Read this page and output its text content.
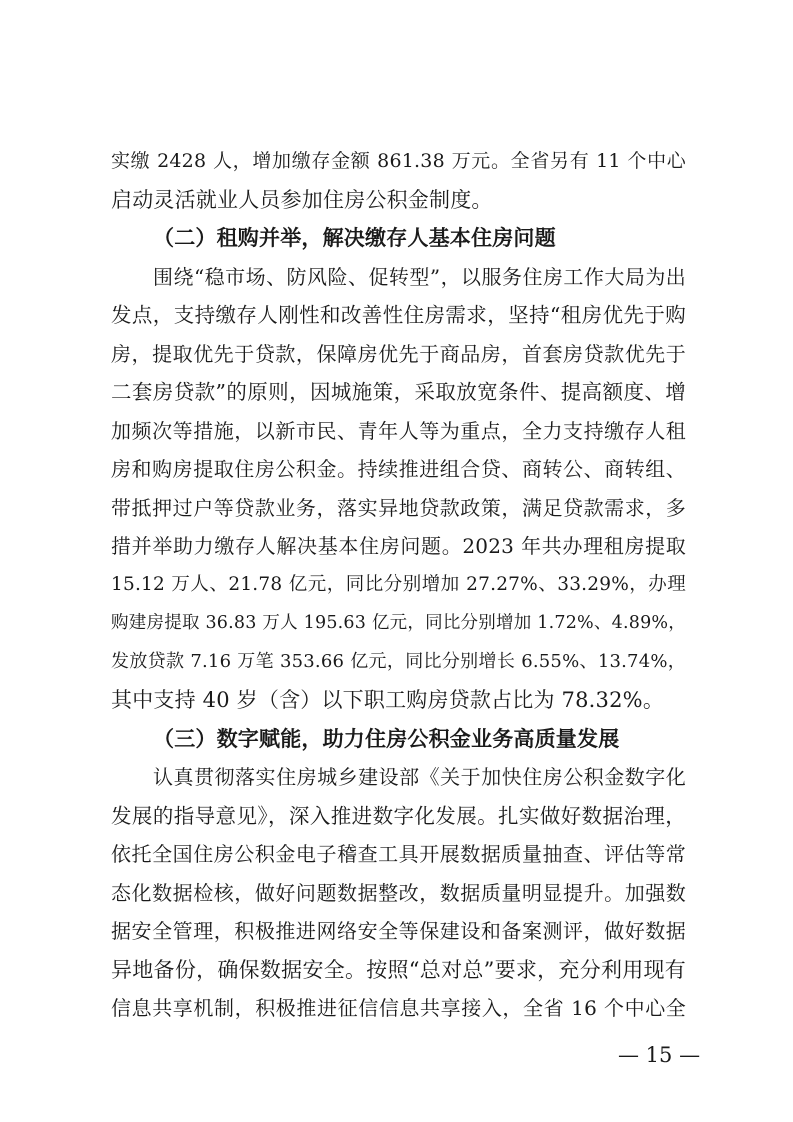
实缴 2428 人，增加缴存金额 861.38 万元。全省另有 11 个中心
启动灵活就业人员参加住房公积金制度。
（二）租购并举，解决缴存人基本住房问题
围绕“稳市场、防风险、促转型”，以服务住房工作大局为出
发点，支持缴存人刚性和改善性住房需求，坚持“租房优先于购
房，提取优先于贷款，保障房优先于商品房，首套房贷款优先于
二套房贷款”的原则，因城施策，采取放宽条件、提高额度、增
加频次等措施，以新市民、青年人等为重点，全力支持缴存人租
房和购房提取住房公积金。持续推进组合贷、商转公、商转组、
带抵押过户等贷款业务，落实异地贷款政策，满足贷款需求，多
措并举助力缴存人解决基本住房问题。2023 年共办理租房提取
15.12 万人、21.78 亿元，同比分别增加 27.27%、33.29%，办理
购建房提取 36.83 万人 195.63 亿元，同比分别增加 1.72%、4.89%，
发放贷款 7.16 万笔 353.66 亿元，同比分别增长 6.55%、13.74%，
其中支持 40 岁（含）以下职工购房贷款占比为 78.32%。
（三）数字赋能，助力住房公积金业务高质量发展
认真贯彻落实住房城乡建设部《关于加快住房公积金数字化
发展的指导意见》，深入推进数字化发展。扎实做好数据治理，
依托全国住房公积金电子稽查工具开展数据质量抽查、评估等常
态化数据检核，做好问题数据整改，数据质量明显提升。加强数
据安全管理，积极推进网络安全等保建设和备案测评，做好数据
异地备份，确保数据安全。按照“总对总”要求，充分利用现有
信息共享机制，积极推进征信信息共享接入，全省 16 个中心全
— 15 —
